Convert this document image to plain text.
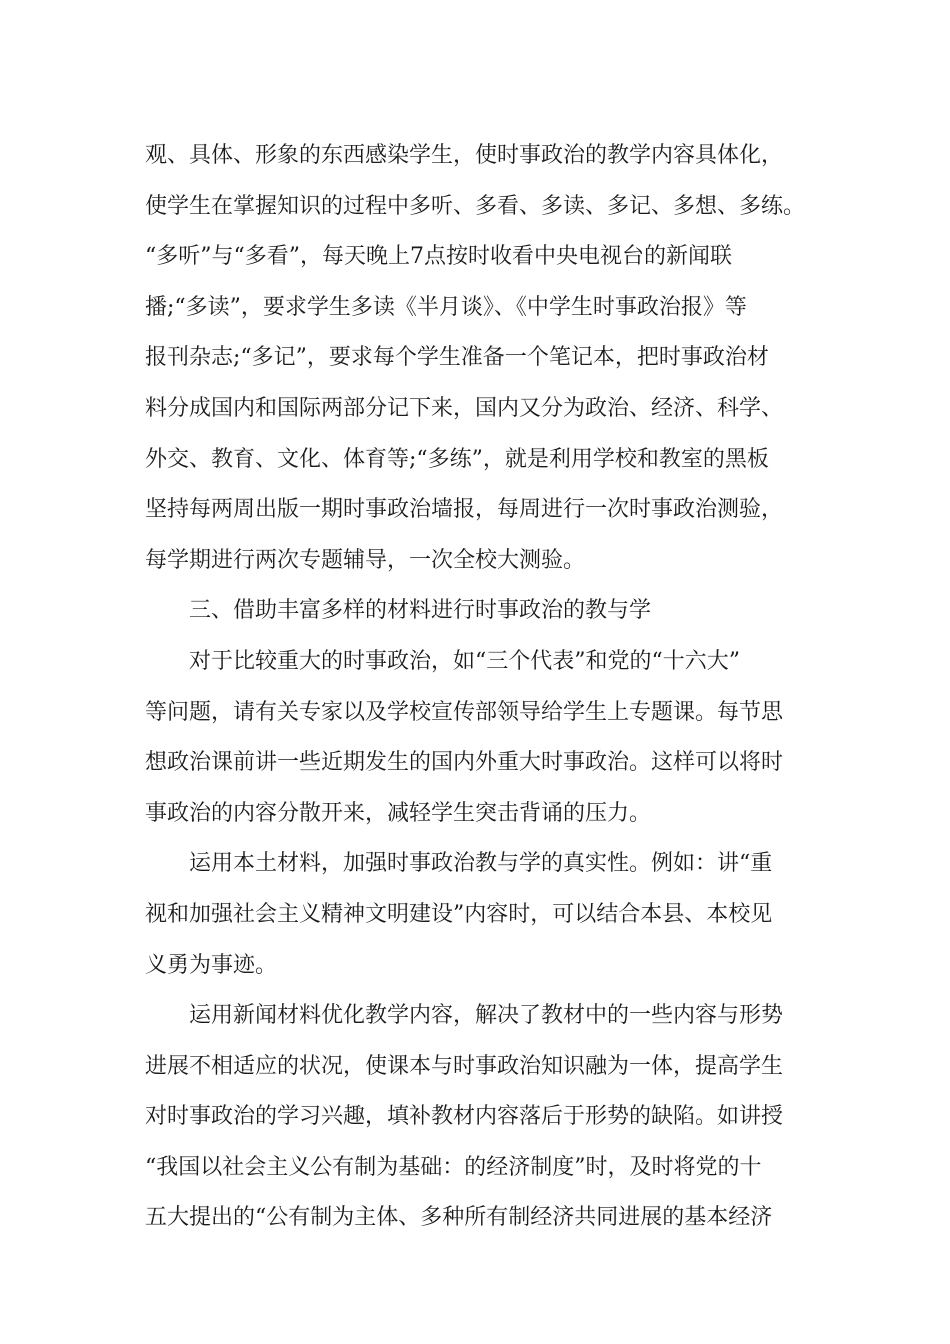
观、具体、形象的东西感染学生，使时事政治的教学内容具体化，
使学生在掌握知识的过程中多听、多看、多读、多记、多想、多练。
“多听”与“多看”，每天晚上7点按时收看中央电视台的新闻联
播;“多读”，要求学生多读《半月谈》、《中学生时事政治报》等
报刊杂志;“多记”，要求每个学生准备一个笔记本，把时事政治材
料分成国内和国际两部分记下来，国内又分为政治、经济、科学、
外交、教育、文化、体育等;“多练”，就是利用学校和教室的黑板
坚持每两周出版一期时事政治墙报，每周进行一次时事政治测验，
每学期进行两次专题辅导，一次全校大测验。
三、借助丰富多样的材料进行时事政治的教与学
对于比较重大的时事政治，如“三个代表”和党的“十六大”
等问题，请有关专家以及学校宣传部领导给学生上专题课。每节思
想政治课前讲一些近期发生的国内外重大时事政治。这样可以将时
事政治的内容分散开来，减轻学生突击背诵的压力。
运用本土材料，加强时事政治教与学的真实性。例如：讲“重
视和加强社会主义精神文明建设”内容时，可以结合本县、本校见
义勇为事迹。
运用新闻材料优化教学内容，解决了教材中的一些内容与形势
进展不相适应的状况，使课本与时事政治知识融为一体，提高学生
对时事政治的学习兴趣，填补教材内容落后于形势的缺陷。如讲授
“我国以社会主义公有制为基础：的经济制度”时，及时将党的十
五大提出的“公有制为主体、多种所有制经济共同进展的基本经济
